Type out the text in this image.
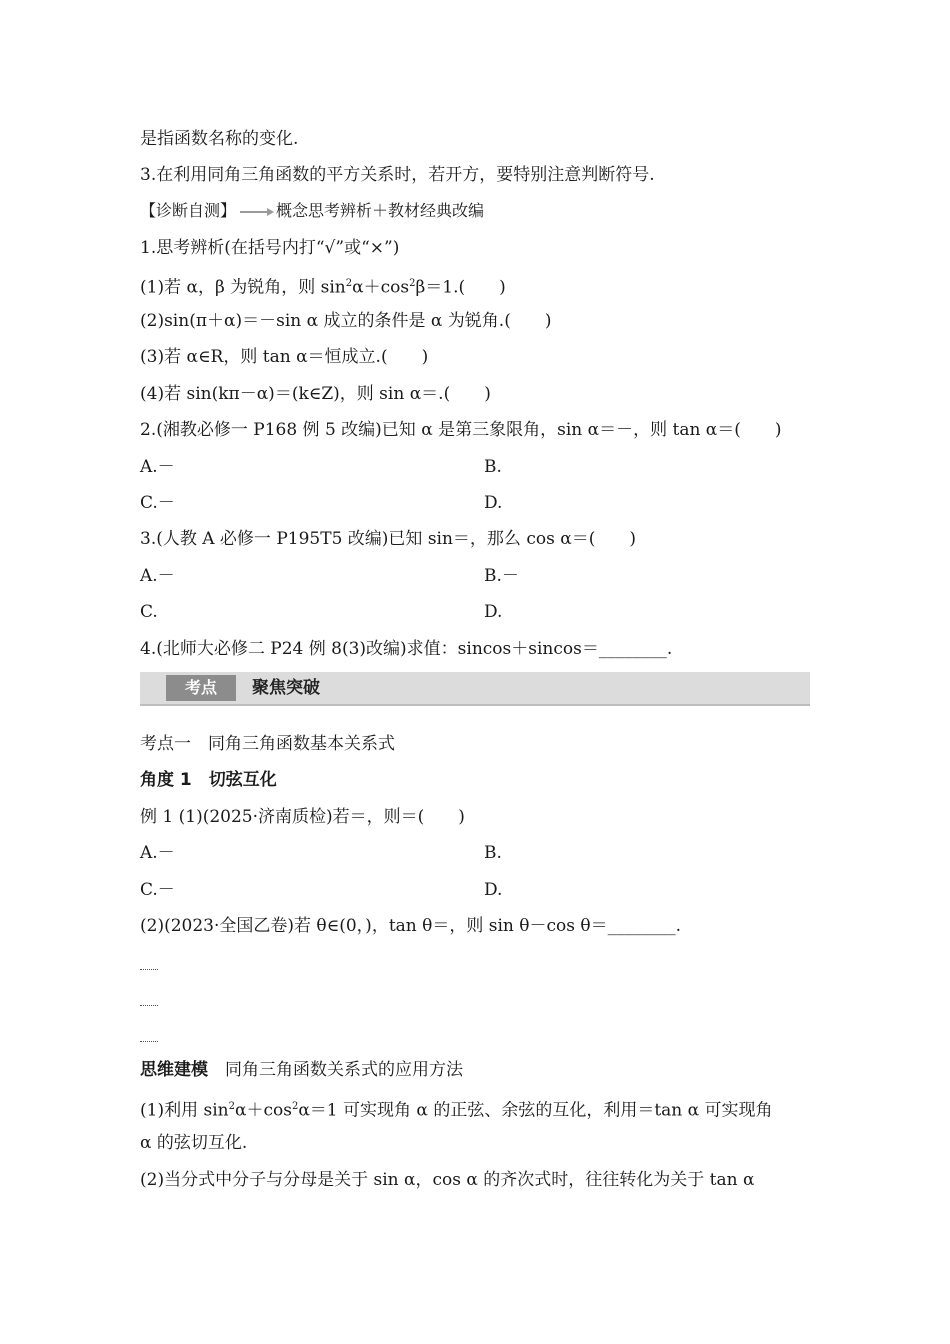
是指函数名称的变化.
3.在利用同角三角函数的平方关系时，若开方，要特别注意判断符号.
【诊断自测】	概念思考辨析＋教材经典改编
1.思考辨析(在括号内打“√”或“×”)
(1)若 α，β 为锐角，则 $\sin^2\alpha+\cos^2\beta=1$.(　　)
(2)sin(π＋α)＝－sin α 成立的条件是 α 为锐角.(　　)
(3)若 α∈R，则 tan α＝恒成立.(　　)
(4)若 sin(kπ－α)＝(k∈Z)，则 sin α＝.(　　)
2.(湘教必修一 P168 例 5 改编)已知 α 是第三象限角，sin α＝－，则 tan α＝(　　)
A.－	B.
C.－	D.
3.(人教 A 必修一 P195T5 改编)已知 sin＝，那么 cos α＝(　　)
A.－	B.－
C.	D.
4.(北师大必修二 P24 例 8(3)改编)求值：sincos＋sincos＝________.
考点	聚焦突破
考点一　同角三角函数基本关系式
角度 1　切弦互化
例 1 (1)(2025·济南质检)若＝，则＝(　　)
A.－	B.
C.－	D.
(2)(2023·全国乙卷)若 θ∈(0，)，tan θ＝，则 sin θ－cos θ＝________.
思维建模　 同角三角函数关系式的应用方法
(1)利用 $\sin^2\alpha+\cos^2\alpha=1$ 可实现角 α 的正弦、余弦的互化，利用＝tan α 可实现角
α 的弦切互化.
(2)当分式中分子与分母是关于 sin α，cos α 的齐次式时，往往转化为关于 tan α
